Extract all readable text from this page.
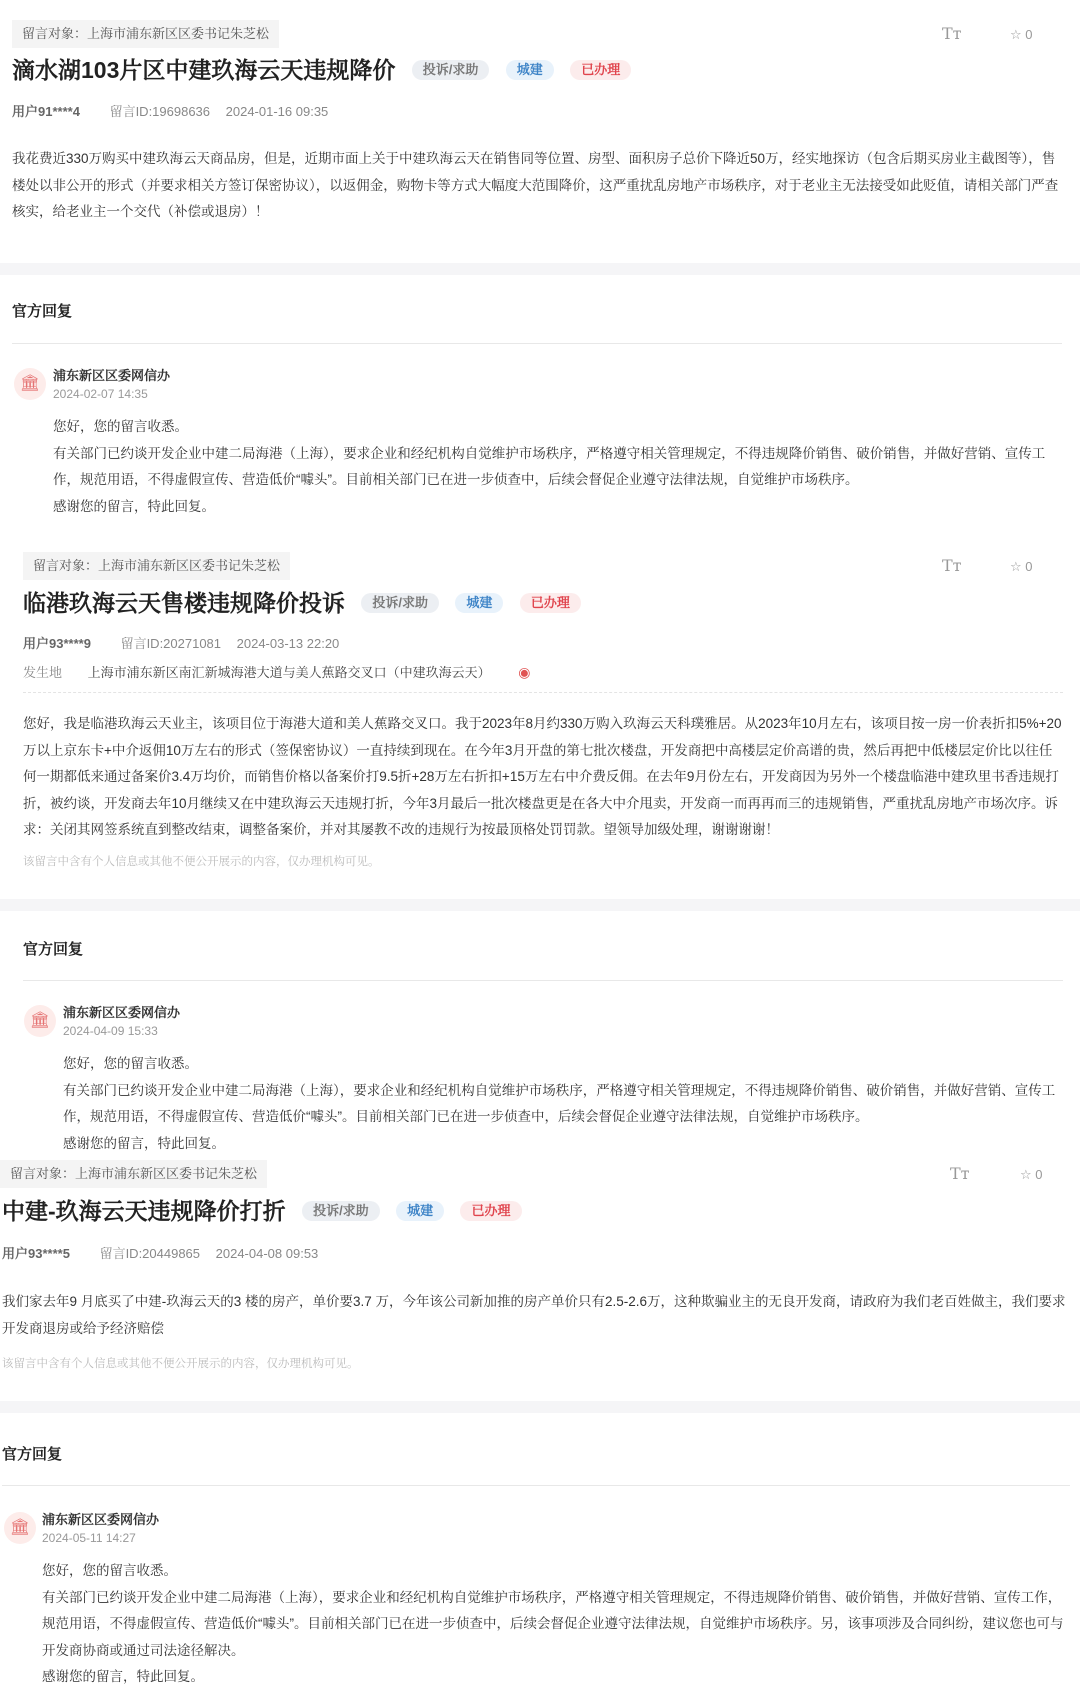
留言对象：上海市浦东新区区委书记朱芝松	Tᴛ	☆ 0
滴水湖103片区中建玖海云天违规降价 投诉/求助	城建	已办理
用户91****4 留言ID:19698636 2024-01-16 09:35
我花费近330万购买中建玖海云天商品房，但是，近期市面上关于中建玖海云天在销售同等位置、房型、面积房子总价下降近50万，经实地探访（包含后期买房业主截图等），售楼处以非公开的形式（并要求相关方签订保密协议），以返佣金，购物卡等方式大幅度大范围降价，这严重扰乱房地产市场秩序，对于老业主无法接受如此贬值，请相关部门严查核实，给老业主一个交代（补偿或退房）！
官方回复
🏛 浦东新区区委网信办
2024-02-07 14:35
您好，您的留言收悉。
有关部门已约谈开发企业中建二局海港（上海），要求企业和经纪机构自觉维护市场秩序，严格遵守相关管理规定，不得违规降价销售、破价销售，并做好营销、宣传工作，规范用语，不得虚假宣传、营造低价“噱头”。目前相关部门已在进一步侦查中，后续会督促企业遵守法律法规，自觉维护市场秩序。
感谢您的留言，特此回复。
留言对象：上海市浦东新区区委书记朱芝松	Tᴛ	☆ 0
临港玖海云天售楼违规降价投诉 投诉/求助	城建	已办理
用户93****9 留言ID:20271081 2024-03-13 22:20
发生地 上海市浦东新区南汇新城海港大道与美人蕉路交叉口（中建玖海云天） ◉
您好，我是临港玖海云天业主，该项目位于海港大道和美人蕉路交叉口。我于2023年8月约330万购入玖海云天科璞雅居。从2023年10月左右，该项目按一房一价表折扣5%+20万以上京东卡+中介返佣10万左右的形式（签保密协议）一直持续到现在。在今年3月开盘的第七批次楼盘，开发商把中高楼层定价高谱的贵，然后再把中低楼层定价比以往任何一期都低来通过备案价3.4万均价，而销售价格以备案价打9.5折+28万左右折扣+15万左右中介费反佣。在去年9月份左右，开发商因为另外一个楼盘临港中建玖里书香违规打折，被约谈，开发商去年10月继续又在中建玖海云天违规打折，今年3月最后一批次楼盘更是在各大中介甩卖，开发商一而再再而三的违规销售，严重扰乱房地产市场次序。诉求：关闭其网签系统直到整改结束，调整备案价，并对其屡教不改的违规行为按最顶格处罚罚款。望领导加级处理，谢谢谢谢！
该留言中含有个人信息或其他不便公开展示的内容，仅办理机构可见。
官方回复
🏛 浦东新区区委网信办
2024-04-09 15:33
您好，您的留言收悉。
有关部门已约谈开发企业中建二局海港（上海），要求企业和经纪机构自觉维护市场秩序，严格遵守相关管理规定，不得违规降价销售、破价销售，并做好营销、宣传工作，规范用语，不得虚假宣传、营造低价“噱头”。目前相关部门已在进一步侦查中，后续会督促企业遵守法律法规，自觉维护市场秩序。
感谢您的留言，特此回复。
留言对象：上海市浦东新区区委书记朱芝松	Tᴛ	☆ 0
中建-玖海云天违规降价打折 投诉/求助	城建	已办理
用户93****5 留言ID:20449865 2024-04-08 09:53
我们家去年9 月底买了中建-玖海云天的3 楼的房产，单价要3.7 万，今年该公司新加推的房产单价只有2.5-2.6万，这种欺骗业主的无良开发商，请政府为我们老百姓做主，我们要求开发商退房或给予经济赔偿
该留言中含有个人信息或其他不便公开展示的内容，仅办理机构可见。
官方回复
🏛 浦东新区区委网信办
2024-05-11 14:27
您好，您的留言收悉。
有关部门已约谈开发企业中建二局海港（上海），要求企业和经纪机构自觉维护市场秩序，严格遵守相关管理规定，不得违规降价销售、破价销售，并做好营销、宣传工作，规范用语，不得虚假宣传、营造低价“噱头”。目前相关部门已在进一步侦查中，后续会督促企业遵守法律法规，自觉维护市场秩序。另，该事项涉及合同纠纷，建议您也可与开发商协商或通过司法途径解决。
感谢您的留言，特此回复。
